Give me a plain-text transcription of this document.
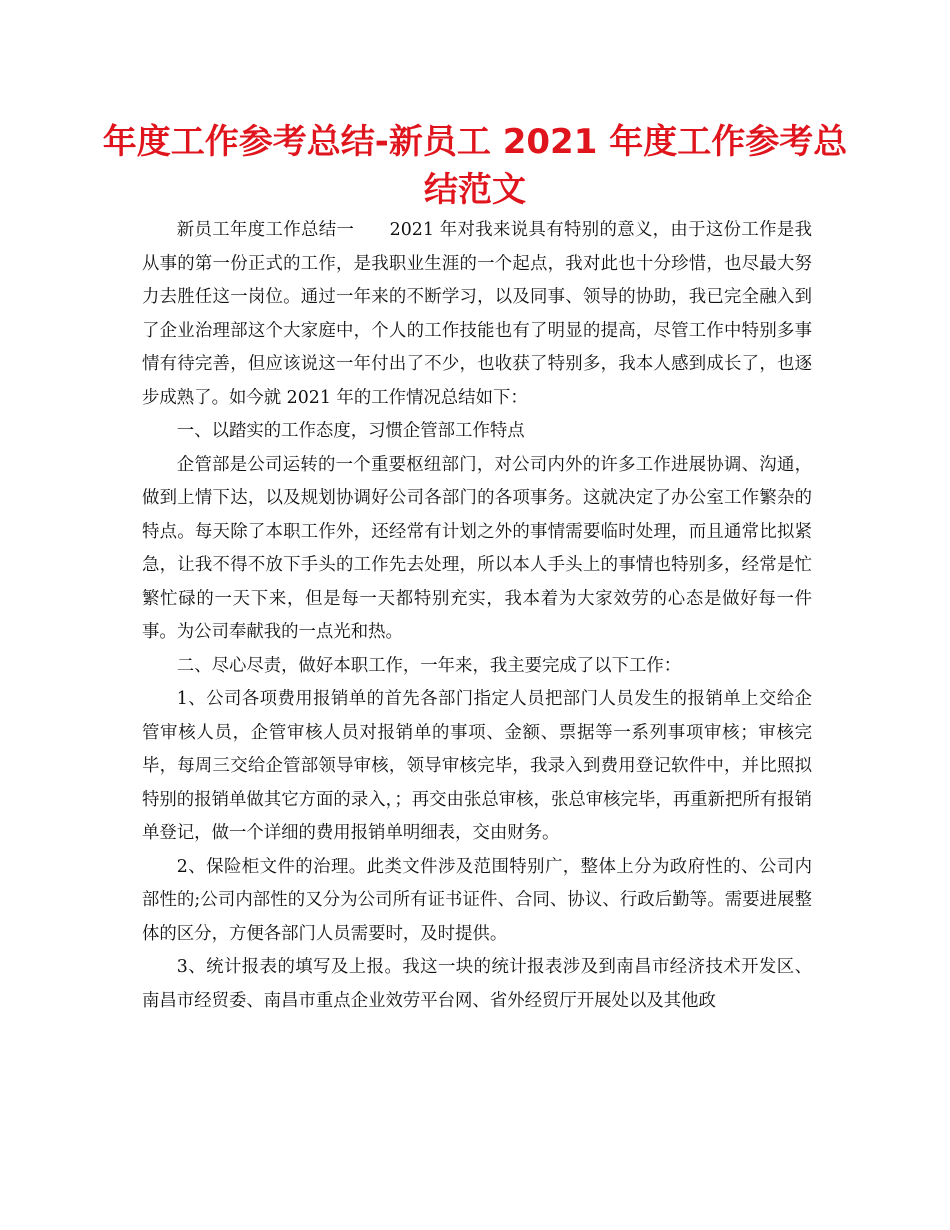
年度工作参考总结-新员工 2021 年度工作参考总结范文

新员工年度工作总结一　　2021 年对我来说具有特别的意义，由于这份工作是我从事的第一份正式的工作，是我职业生涯的一个起点，我对此也十分珍惜，也尽最大努力去胜任这一岗位。通过一年来的不断学习，以及同事、领导的协助，我已完全融入到了企业治理部这个大家庭中，个人的工作技能也有了明显的提高，尽管工作中特别多事情有待完善，但应该说这一年付出了不少，也收获了特别多，我本人感到成长了，也逐步成熟了。如今就 2021 年的工作情况总结如下：

一、以踏实的工作态度，习惯企管部工作特点

企管部是公司运转的一个重要枢纽部门，对公司内外的许多工作进展协调、沟通，做到上情下达，以及规划协调好公司各部门的各项事务。这就决定了办公室工作繁杂的特点。每天除了本职工作外，还经常有计划之外的事情需要临时处理，而且通常比拟紧急，让我不得不放下手头的工作先去处理，所以本人手头上的事情也特别多，经常是忙繁忙碌的一天下来，但是每一天都特别充实，我本着为大家效劳的心态是做好每一件事。为公司奉献我的一点光和热。

二、尽心尽责，做好本职工作，一年来，我主要完成了以下工作：

1、公司各项费用报销单的首先各部门指定人员把部门人员发生的报销单上交给企管审核人员，企管审核人员对报销单的事项、金额、票据等一系列事项审核；审核完毕，每周三交给企管部领导审核，领导审核完毕，我录入到费用登记软件中，并比照拟特别的报销单做其它方面的录入，；再交由张总审核，张总审核完毕，再重新把所有报销单登记，做一个详细的费用报销单明细表，交由财务。

2、保险柜文件的治理。此类文件涉及范围特别广，整体上分为政府性的、公司内部性的;公司内部性的又分为公司所有证书证件、合同、协议、行政后勤等。需要进展整体的区分，方便各部门人员需要时，及时提供。

3、统计报表的填写及上报。我这一块的统计报表涉及到南昌市经济技术开发区、南昌市经贸委、南昌市重点企业效劳平台网、省外经贸厅开展处以及其他政
